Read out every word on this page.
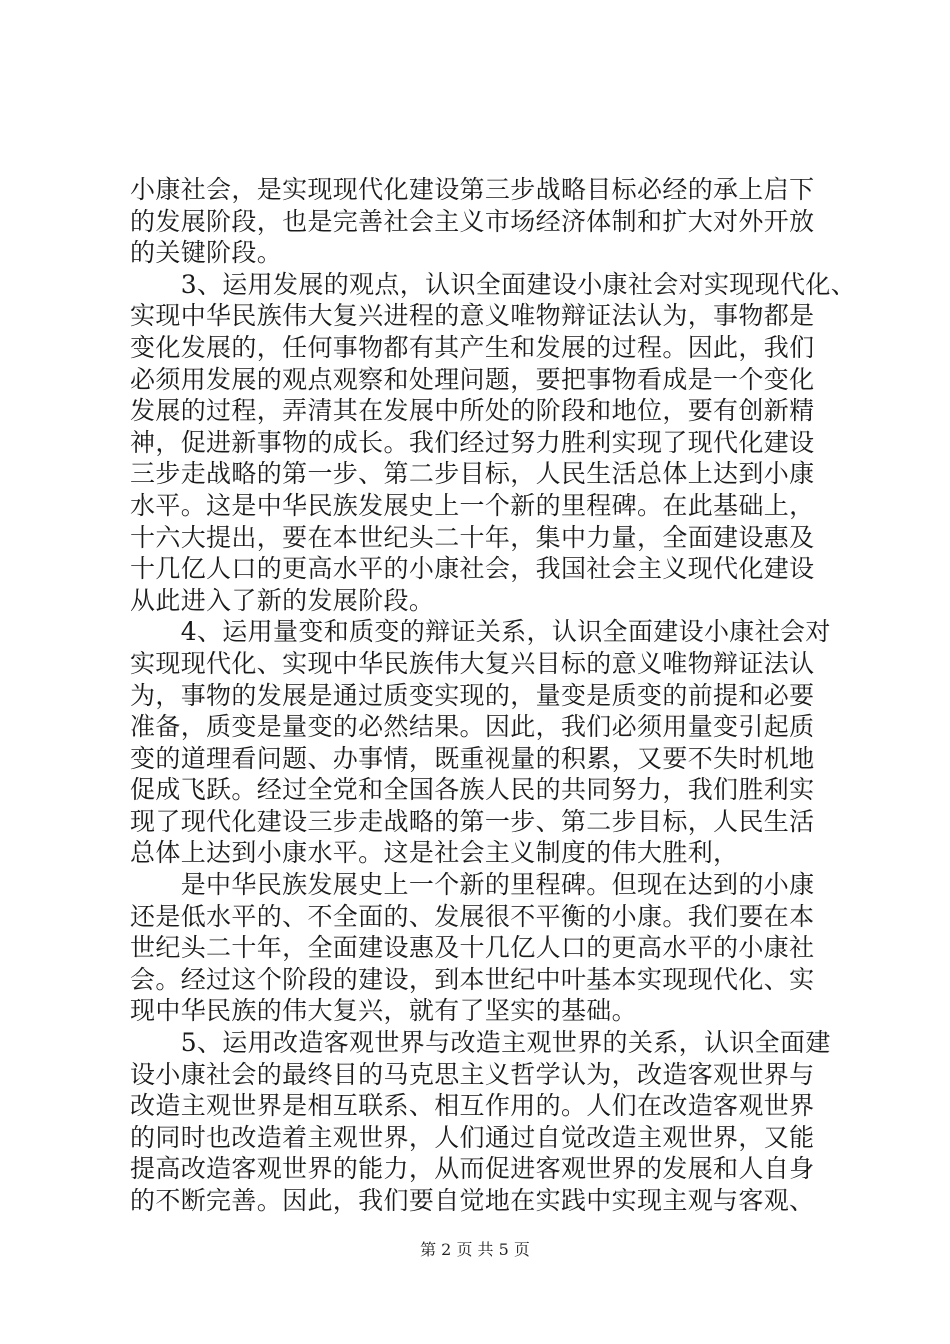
小康社会，是实现现代化建设第三步战略目标必经的承上启下
的发展阶段，也是完善社会主义市场经济体制和扩大对外开放
的关键阶段。
　　3、运用发展的观点，认识全面建设小康社会对实现现代化、
实现中华民族伟大复兴进程的意义唯物辩证法认为，事物都是
变化发展的，任何事物都有其产生和发展的过程。因此，我们
必须用发展的观点观察和处理问题，要把事物看成是一个变化
发展的过程，弄清其在发展中所处的阶段和地位，要有创新精
神，促进新事物的成长。我们经过努力胜利实现了现代化建设
三步走战略的第一步、第二步目标，人民生活总体上达到小康
水平。这是中华民族发展史上一个新的里程碑。在此基础上，
十六大提出，要在本世纪头二十年，集中力量，全面建设惠及
十几亿人口的更高水平的小康社会，我国社会主义现代化建设
从此进入了新的发展阶段。
　　4、运用量变和质变的辩证关系，认识全面建设小康社会对
实现现代化、实现中华民族伟大复兴目标的意义唯物辩证法认
为，事物的发展是通过质变实现的，量变是质变的前提和必要
准备，质变是量变的必然结果。因此，我们必须用量变引起质
变的道理看问题、办事情，既重视量的积累，又要不失时机地
促成飞跃。经过全党和全国各族人民的共同努力，我们胜利实
现了现代化建设三步走战略的第一步、第二步目标，人民生活
总体上达到小康水平。这是社会主义制度的伟大胜利，
　　是中华民族发展史上一个新的里程碑。但现在达到的小康
还是低水平的、不全面的、发展很不平衡的小康。我们要在本
世纪头二十年，全面建设惠及十几亿人口的更高水平的小康社
会。经过这个阶段的建设，到本世纪中叶基本实现现代化、实
现中华民族的伟大复兴，就有了坚实的基础。
　　5、运用改造客观世界与改造主观世界的关系，认识全面建
设小康社会的最终目的马克思主义哲学认为，改造客观世界与
改造主观世界是相互联系、相互作用的。人们在改造客观世界
的同时也改造着主观世界，人们通过自觉改造主观世界，又能
提高改造客观世界的能力，从而促进客观世界的发展和人自身
的不断完善。因此，我们要自觉地在实践中实现主观与客观、
第 2 页 共 5 页
